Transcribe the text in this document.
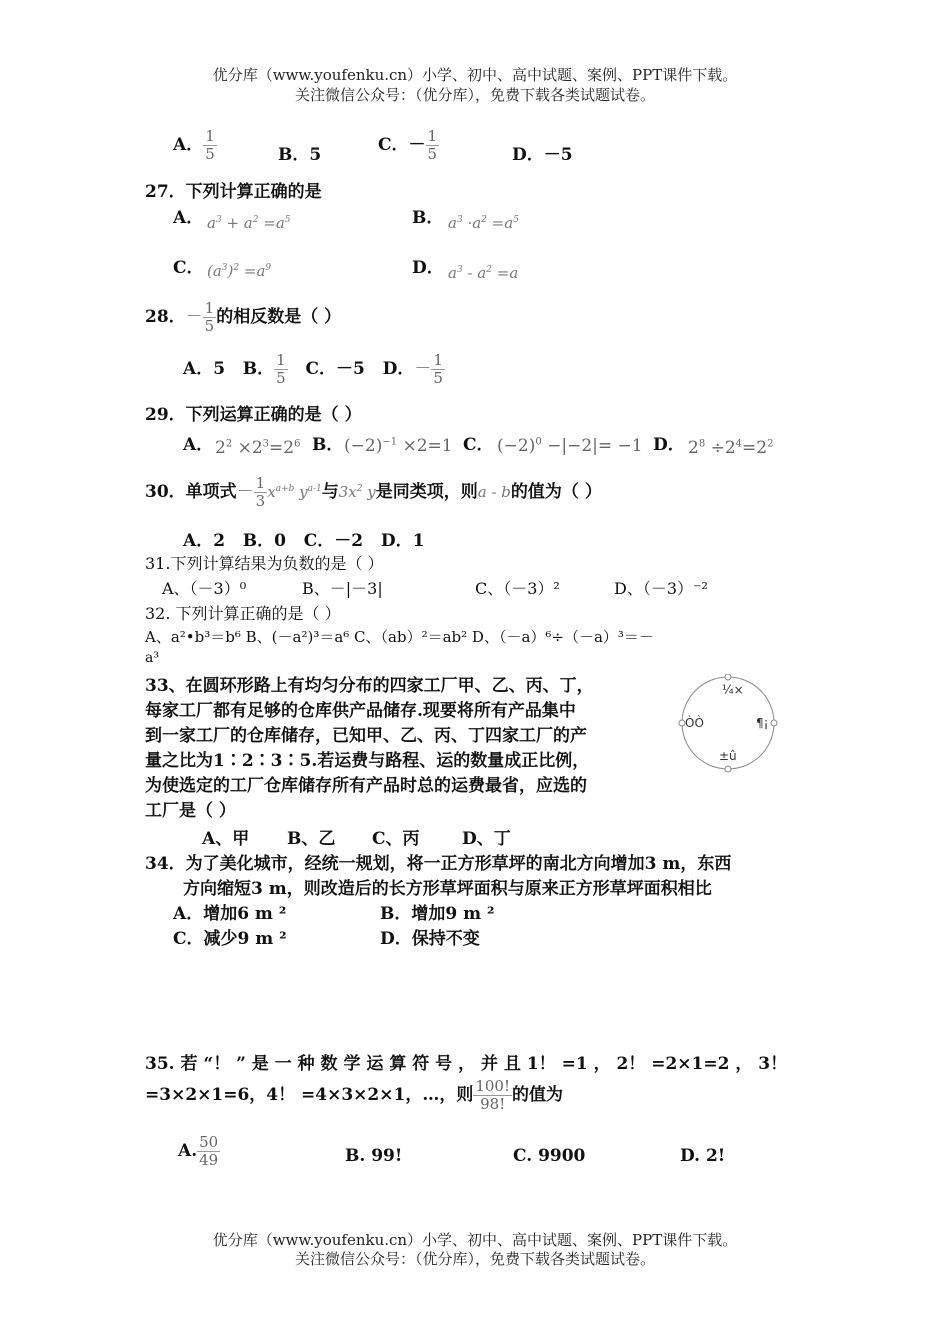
优分库（www.youfenku.cn）小学、初中、高中试题、案例、PPT课件下载。
关注微信公众号：（优分库），免费下载各类试题试卷。
A． $\frac{1}{5}$	B．5	C．－ $\frac{1}{5}$	D．－5
27．下列计算正确的是
A． $a^3 + a^2 =a^5$	B． $a^3 \cdot a^2 =a^5$
C． $(a^3)^2 =a^9$	D． $a^3 - a^2 =a$
28．－ $\frac{1}{5}$ 的相反数是（ ）
A．5 B． $\frac{1}{5}$ C．－5 D．－ $\frac{1}{5}$
29．下列运算正确的是（ ）
A． $2^2 \times 2^3=2^6$ B． $(-2)^{-1} \times 2=1$ C． $(-2)^0 -|-2|= -1$ D． $2^8 \div 2^4=2^2$
30．单项式－ $\frac{1}{3} x^{a+b}$ $y^{a-1}$与$3x^2$ y是同类项，则a - b的值为（ ）
A．2   B．0   C．－2   D．1
31.下列计算结果为负数的是（ ）
A、（－3）⁰	B、－|－3|	C、（－3）²	D、（－3）⁻²
32. 下列计算正确的是（ ）
A、a²•b³＝b⁶ B、(－a²)³＝a⁶ C、（ab）²＝ab² D、（－a）⁶÷（－a）³＝－
a³
33、在圆环形路上有均匀分布的四家工厂甲、乙、丙、丁，
每家工厂都有足够的仓库供产品储存.现要将所有产品集中
到一家工厂的仓库储存，已知甲、乙、丙、丁四家工厂的产
量之比为1∶2∶3∶5.若运费与路程、运的数量成正比例，
为使选定的工厂仓库储存所有产品时总的运费最省，应选的
工厂是（ ）
¼×
ÒÒ	¶¡
±û
A、甲 B、乙 C、丙 D、丁
34．为了美化城市，经统一规划，将一正方形草坪的南北方向增加3 m，东西
方向缩短3 m，则改造后的长方形草坪面积与原来正方形草坪面积相比
A．增加6 m ²	B．增加9 m ²
C．减少9 m ²	D．保持不变
35. 若 “！ ” 是 一 种 数 学 运 算 符 号 ， 并 且 1！ =1 ， 2！ =2×1=2 ， 3！
=3×2×1=6，4！ =4×3×2×1，…，则 $\frac{100!}{98!}$ 的值为
A. $\frac{50}{49}$	B. 99!	C. 9900	D. 2!
优分库（www.youfenku.cn）小学、初中、高中试题、案例、PPT课件下载。
关注微信公众号：（优分库），免费下载各类试题试卷。
